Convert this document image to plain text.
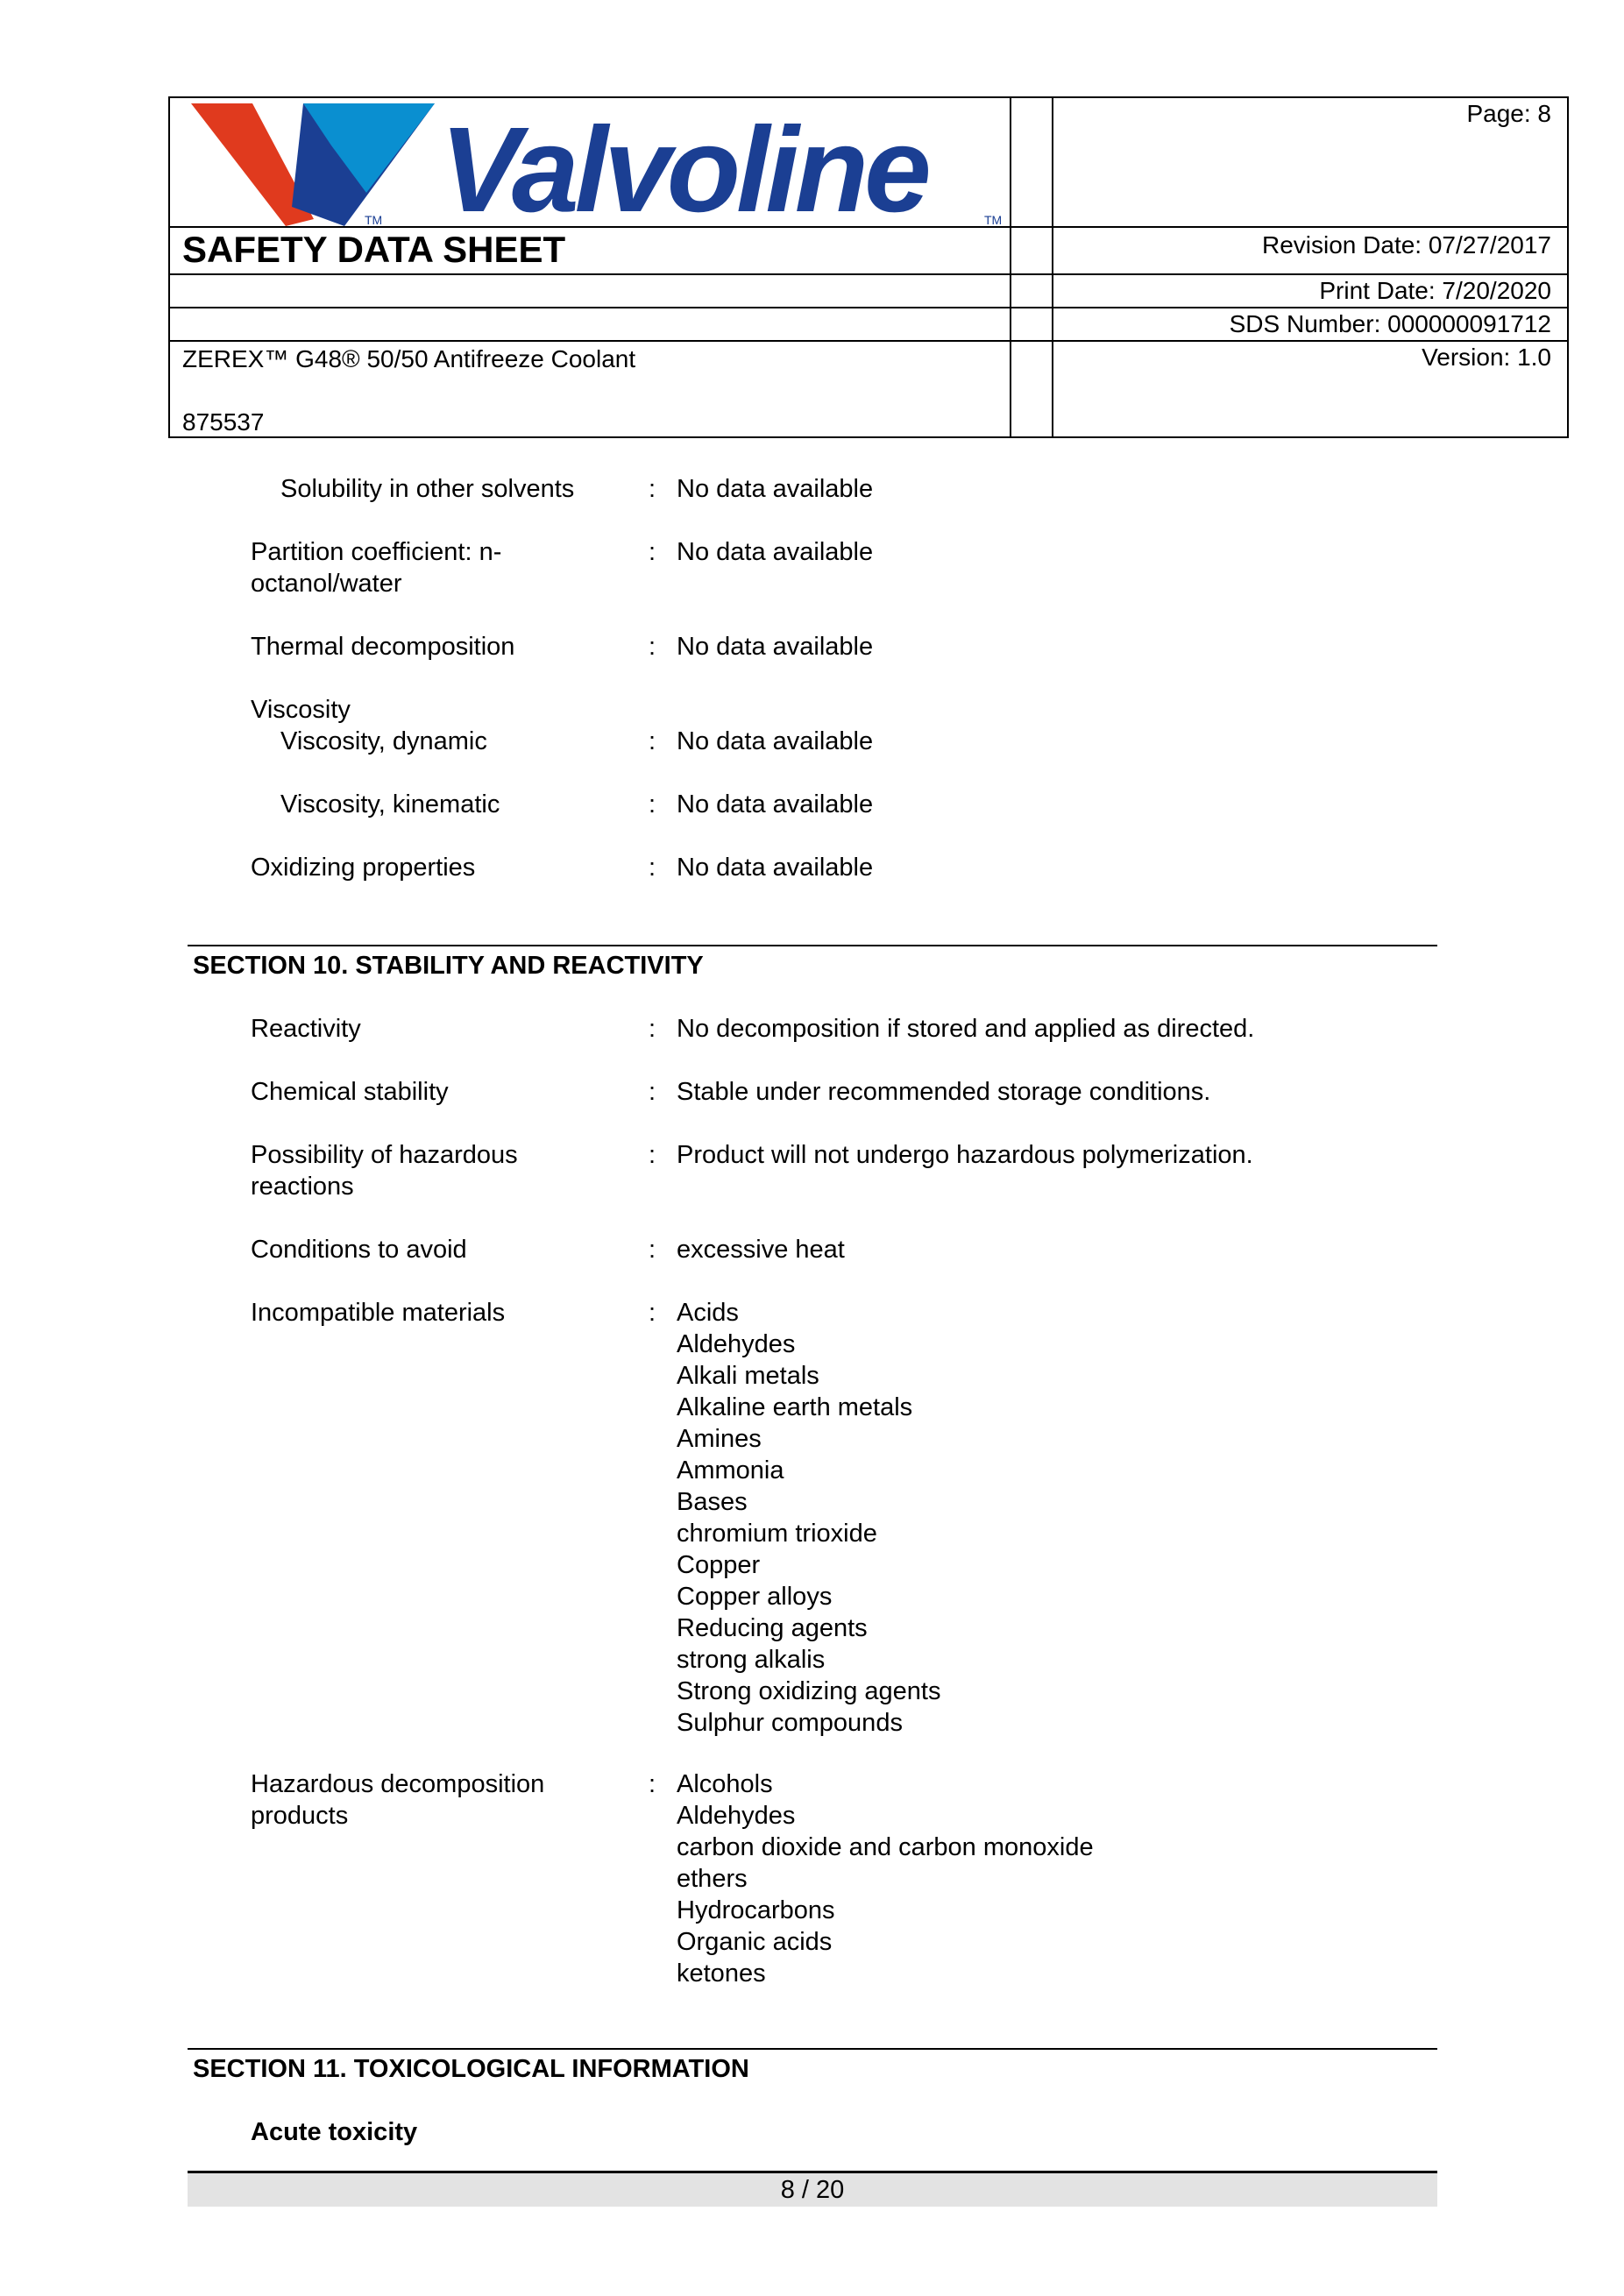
TM	TM
Valvoline
SAFETY DATA SHEET
Page: 8
Revision Date: 07/27/2017
Print Date: 7/20/2020
SDS Number: 000000091712
Version: 1.0
ZEREX™ G48® 50/50 Antifreeze Coolant
875537
Solubility in other solvents	: No data available
Partition coefficient: n-octanol/water
: No data available
Thermal decomposition	: No data available
Viscosity
Viscosity, dynamic	: No data available
Viscosity, kinematic	: No data available
Oxidizing properties	: No data available
SECTION 10. STABILITY AND REACTIVITY
Reactivity	: No decomposition if stored and applied as directed.
Chemical stability	: Stable under recommended storage conditions.
Possibility of hazardous reactions
: Product will not undergo hazardous polymerization.
Conditions to avoid	: excessive heat
Incompatible materials	: Acids
Aldehydes
Alkali metals
Alkaline earth metals
Amines
Ammonia
Bases
chromium trioxide
Copper
Copper alloys
Reducing agents
strong alkalis
Strong oxidizing agents
Sulphur compounds
Hazardous decomposition products
: Alcohols
Aldehydes
carbon dioxide and carbon monoxide
ethers
Hydrocarbons
Organic acids
ketones
SECTION 11. TOXICOLOGICAL INFORMATION
Acute toxicity
8 / 20
